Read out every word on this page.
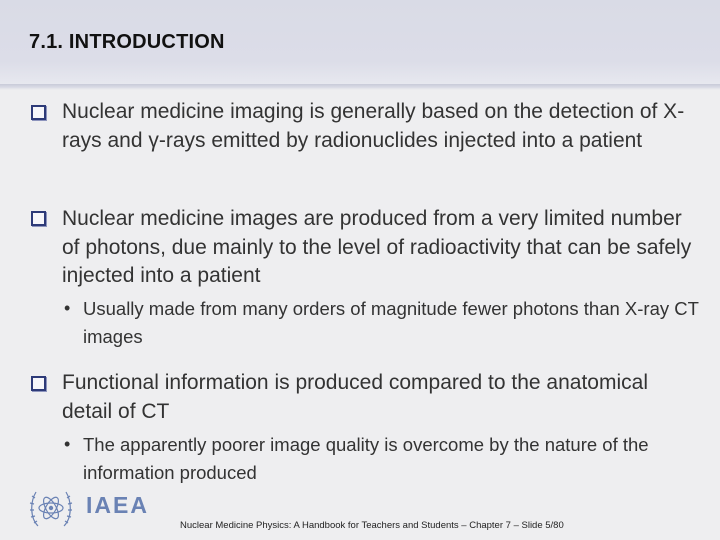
7.1. INTRODUCTION
Nuclear medicine imaging is generally based on the detection of X-rays and γ-rays emitted by radionuclides injected into a patient
Nuclear medicine images are produced from a very limited number of photons, due mainly to the level of radioactivity that can be safely injected into a patient
• Usually made from many orders of magnitude fewer photons than X-ray CT images
Functional information is produced compared to the anatomical detail of CT
• The apparently poorer image quality is overcome by the nature of the information produced
IAEA
Nuclear Medicine Physics: A Handbook for Teachers and Students – Chapter 7 – Slide 5/80
